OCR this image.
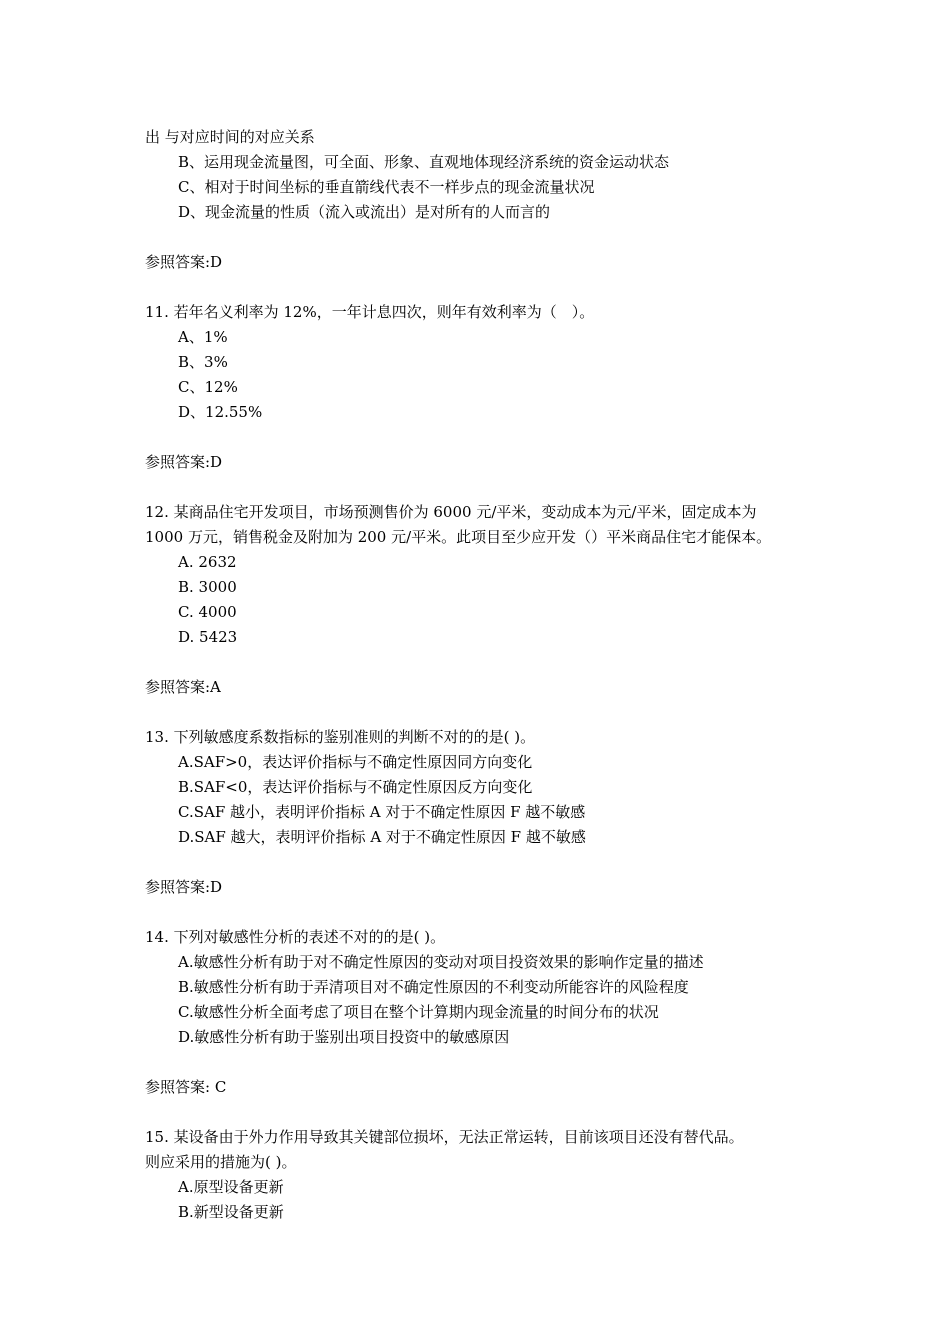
出 与对应时间的对应关系
B、运用现金流量图，可全面、形象、直观地体现经济系统的资金运动状态
C、相对于时间坐标的垂直箭线代表不一样步点的现金流量状况
D、现金流量的性质（流入或流出）是对所有的人而言的
参照答案:D
11. 若年名义利率为 12%，一年计息四次，则年有效利率为（　）。
A、1%
B、3%
C、12%
D、12.55%
参照答案:D
12. 某商品住宅开发项目，市场预测售价为 6000 元/平米，变动成本为元/平米，固定成本为
1000 万元，销售税金及附加为 200 元/平米。此项目至少应开发（）平米商品住宅才能保本。
A. 2632
B. 3000
C. 4000
D. 5423
参照答案:A
13. 下列敏感度系数指标的鉴别准则的判断不对的的是( )。
A.SAF>0，表达评价指标与不确定性原因同方向变化
B.SAF<0，表达评价指标与不确定性原因反方向变化
C.SAF 越小，表明评价指标 A 对于不确定性原因 F 越不敏感
D.SAF 越大，表明评价指标 A 对于不确定性原因 F 越不敏感
参照答案:D
14. 下列对敏感性分析的表述不对的的是( )。
A.敏感性分析有助于对不确定性原因的变动对项目投资效果的影响作定量的描述
B.敏感性分析有助于弄清项目对不确定性原因的不利变动所能容许的风险程度
C.敏感性分析全面考虑了项目在整个计算期内现金流量的时间分布的状况
D.敏感性分析有助于鉴别出项目投资中的敏感原因
参照答案: C
15. 某设备由于外力作用导致其关键部位损坏，无法正常运转，目前该项目还没有替代品。
则应采用的措施为( )。
A.原型设备更新
B.新型设备更新
